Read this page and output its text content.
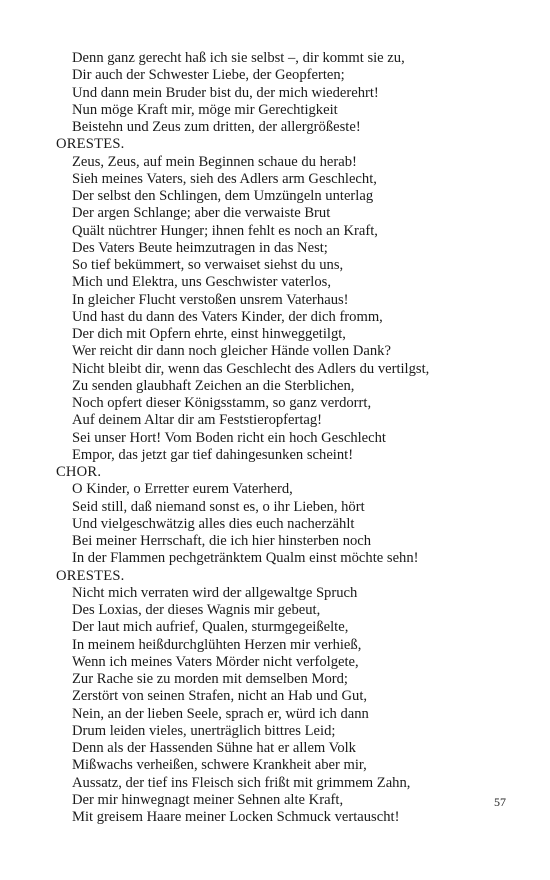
Denn ganz gerecht haß ich sie selbst –, dir kommt sie zu,
Dir auch der Schwester Liebe, der Geopferten;
Und dann mein Bruder bist du, der mich wiederehrt!
Nun möge Kraft mir, möge mir Gerechtigkeit
Beistehn und Zeus zum dritten, der allergrößeste!
ORESTES.
Zeus, Zeus, auf mein Beginnen schaue du herab!
Sieh meines Vaters, sieh des Adlers arm Geschlecht,
Der selbst den Schlingen, dem Umzüngeln unterlag
Der argen Schlange; aber die verwaiste Brut
Quält nüchtrer Hunger; ihnen fehlt es noch an Kraft,
Des Vaters Beute heimzutragen in das Nest;
So tief bekümmert, so verwaiset siehst du uns,
Mich und Elektra, uns Geschwister vaterlos,
In gleicher Flucht verstoßen unsrem Vaterhaus!
Und hast du dann des Vaters Kinder, der dich fromm,
Der dich mit Opfern ehrte, einst hinweggetilgt,
Wer reicht dir dann noch gleicher Hände vollen Dank?
Nicht bleibt dir, wenn das Geschlecht des Adlers du vertilgst,
Zu senden glaubhaft Zeichen an die Sterblichen,
Noch opfert dieser Königsstamm, so ganz verdorrt,
Auf deinem Altar dir am Feststieropfertag!
Sei unser Hort! Vom Boden richt ein hoch Geschlecht
Empor, das jetzt gar tief dahingesunken scheint!
CHOR.
O Kinder, o Erretter eurem Vaterherd,
Seid still, daß niemand sonst es, o ihr Lieben, hört
Und vielgeschwätzig alles dies euch nacherzählt
Bei meiner Herrschaft, die ich hier hinsterben noch
In der Flammen pechgetränktem Qualm einst möchte sehn!
ORESTES.
Nicht mich verraten wird der allgewaltge Spruch
Des Loxias, der dieses Wagnis mir gebeut,
Der laut mich aufrief, Qualen, sturmgegeißelte,
In meinem heißdurchglühten Herzen mir verhieß,
Wenn ich meines Vaters Mörder nicht verfolgete,
Zur Rache sie zu morden mit demselben Mord;
Zerstört von seinen Strafen, nicht an Hab und Gut,
Nein, an der lieben Seele, sprach er, würd ich dann
Drum leiden vieles, unerträglich bittres Leid;
Denn als der Hassenden Sühne hat er allem Volk
Mißwachs verheißen, schwere Krankheit aber mir,
Aussatz, der tief ins Fleisch sich frißt mit grimmem Zahn,
Der mir hinwegnagt meiner Sehnen alte Kraft,
Mit greisem Haare meiner Locken Schmuck vertauscht!
57
